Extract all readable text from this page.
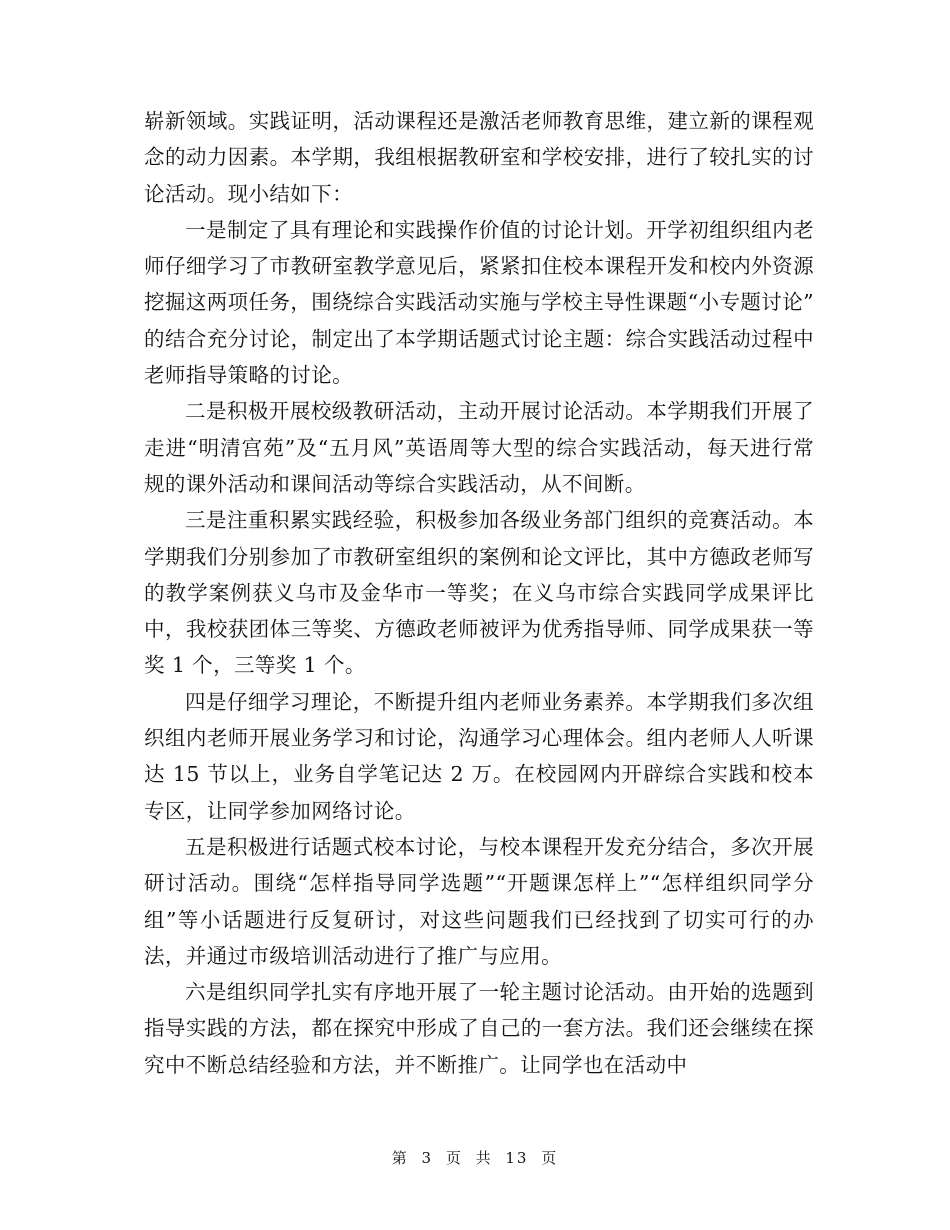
崭新领域。实践证明，活动课程还是激活老师教育思维，建立新的课程观念的动力因素。本学期，我组根据教研室和学校安排，进行了较扎实的讨论活动。现小结如下：

一是制定了具有理论和实践操作价值的讨论计划。开学初组织组内老师仔细学习了市教研室教学意见后，紧紧扣住校本课程开发和校内外资源挖掘这两项任务，围绕综合实践活动实施与学校主导性课题“小专题讨论” 的结合充分讨论，制定出了本学期话题式讨论主题：综合实践活动过程中老师指导策略的讨论。

二是积极开展校级教研活动，主动开展讨论活动。本学期我们开展了走进“明清宫苑”及“五月风”英语周等大型的综合实践活动，每天进行常规的课外活动和课间活动等综合实践活动，从不间断。

三是注重积累实践经验，积极参加各级业务部门组织的竞赛活动。本学期我们分别参加了市教研室组织的案例和论文评比，其中方德政老师写的教学案例获义乌市及金华市一等奖；在义乌市综合实践同学成果评比中，我校获团体三等奖、方德政老师被评为优秀指导师、同学成果获一等奖 1 个，三等奖 1 个。

四是仔细学习理论，不断提升组内老师业务素养。本学期我们多次组织组内老师开展业务学习和讨论，沟通学习心理体会。组内老师人人听课达 15 节以上，业务自学笔记达 2 万。在校园网内开辟综合实践和校本专区，让同学参加网络讨论。

五是积极进行话题式校本讨论，与校本课程开发充分结合，多次开展研讨活动。围绕“怎样指导同学选题”“开题课怎样上”“怎样组织同学分组”等小话题进行反复研讨，对这些问题我们已经找到了切实可行的办法，并通过市级培训活动进行了推广与应用。

六是组织同学扎实有序地开展了一轮主题讨论活动。由开始的选题到指导实践的方法，都在探究中形成了自己的一套方法。我们还会继续在探究中不断总结经验和方法，并不断推广。让同学也在活动中

第 3 页 共 13 页
